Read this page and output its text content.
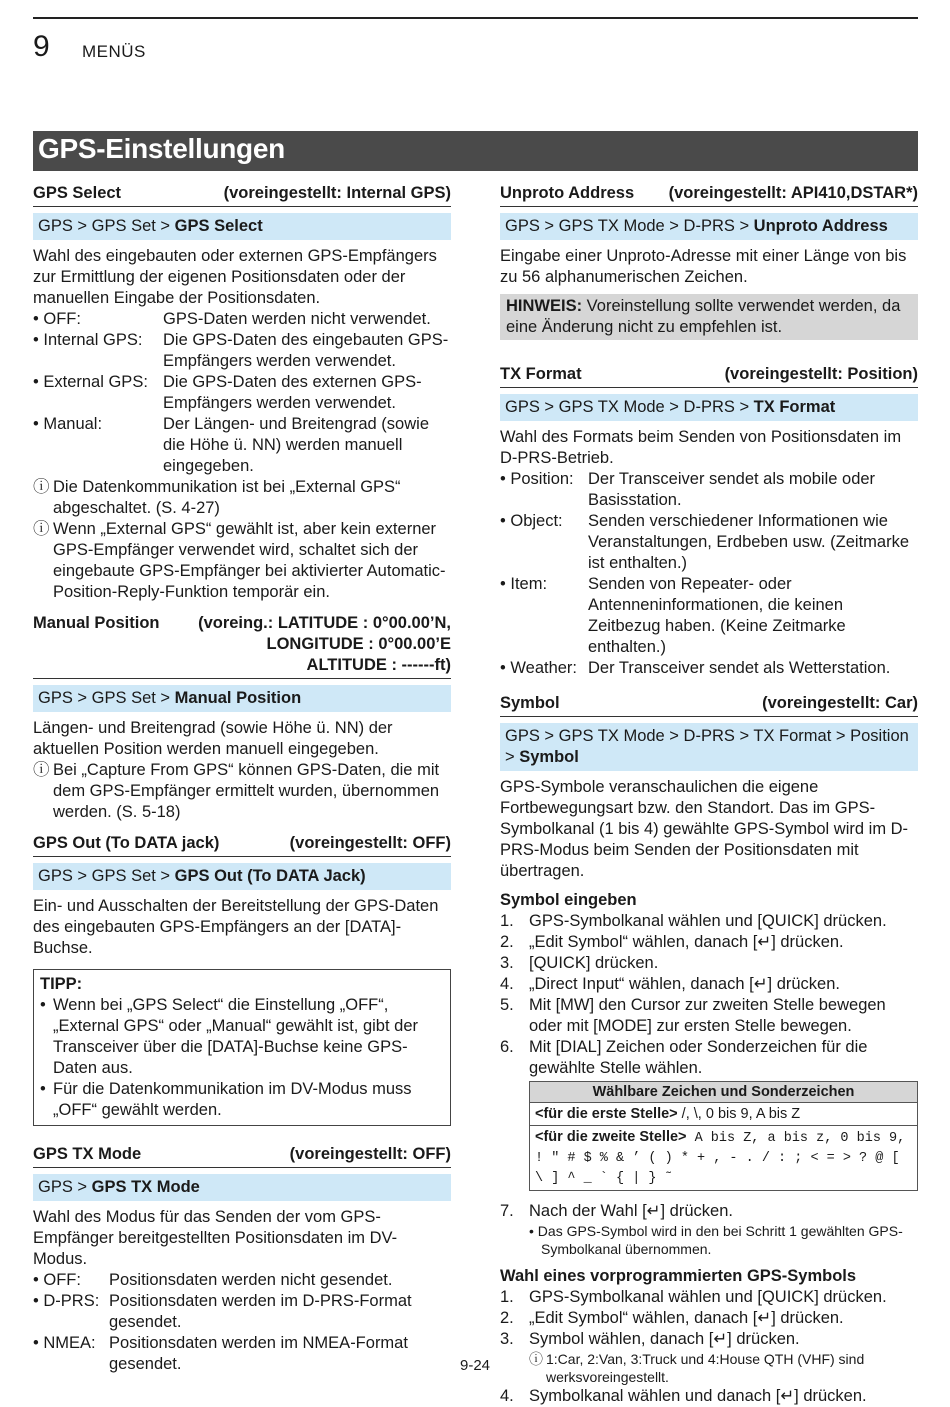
9 MENÜS
GPS-Einstellungen
GPS Select	(voreingestellt: Internal GPS)
GPS > GPS Set > GPS Select
Wahl des eingebauten oder externen GPS-Empfängers zur Ermittlung der eigenen Positionsdaten oder der manuellen Eingabe der Positionsdaten.
• OFF:	GPS-Daten werden nicht verwendet.
• Internal GPS:	Die GPS-Daten des eingebauten GPS-Empfängers werden verwendet.
• External GPS: Die GPS-Daten des externen GPS-Empfängers werden verwendet.
• Manual:	Der Längen- und Breitengrad (sowie die Höhe ü. NN) werden manuell eingegeben.
ⓘ Die Datenkommunikation ist bei „External GPS“ abgeschaltet. (S. 4-27)
ⓘ Wenn „External GPS“ gewählt ist, aber kein externer GPS-Empfänger verwendet wird, schaltet sich der eingebaute GPS-Empfänger bei aktivierter Automatic-Position-Reply-Funktion temporär ein.
Manual Position (voreing.: LATITUDE : 0°00.00’N,
LONGITUDE : 0°00.00’E
ALTITUDE : ------ft)
GPS > GPS Set > Manual Position
Längen- und Breitengrad (sowie Höhe ü. NN) der aktuellen Position werden manuell eingegeben.
ⓘ Bei „Capture From GPS“ können GPS-Daten, die mit dem GPS-Empfänger ermittelt wurden, übernommen werden. (S. 5-18)
GPS Out (To DATA jack)	(voreingestellt: OFF)
GPS > GPS Set > GPS Out (To DATA Jack)
Ein- und Ausschalten der Bereitstellung der GPS-Daten des eingebauten GPS-Empfängers an der [DATA]-Buchse.
TIPP:
• Wenn bei „GPS Select“ die Einstellung „OFF“, „External GPS“ oder „Manual“ gewählt ist, gibt der Transceiver über die [DATA]-Buchse keine GPS-Daten aus.
• Für die Datenkommunikation im DV-Modus muss „OFF“ gewählt werden.
GPS TX Mode	(voreingestellt: OFF)
GPS > GPS TX Mode
Wahl des Modus für das Senden der vom GPS-Empfänger bereitgestellten Positionsdaten im DV-Modus.
• OFF:	Positionsdaten werden nicht gesendet.
• D-PRS: Positionsdaten werden im D-PRS-Format gesendet.
• NMEA: Positionsdaten werden im NMEA-Format gesendet.
Unproto Address (voreingestellt: API410,DSTAR*)
GPS > GPS TX Mode > D-PRS > Unproto Address
Eingabe einer Unproto-Adresse mit einer Länge von bis zu 56 alphanumerischen Zeichen.
HINWEIS: Voreinstellung sollte verwendet werden, da eine Änderung nicht zu empfehlen ist.
TX Format	(voreingestellt: Position)
GPS > GPS TX Mode > D-PRS > TX Format
Wahl des Formats beim Senden von Positionsdaten im D-PRS-Betrieb.
• Position: Der Transceiver sendet als mobile oder Basisstation.
• Object:	Senden verschiedener Informationen wie Veranstaltungen, Erdbeben usw. (Zeitmarke ist enthalten.)
• Item:	Senden von Repeater- oder Antenneninformationen, die keinen Zeitbezug haben. (Keine Zeitmarke enthalten.)
• Weather: Der Transceiver sendet als Wetterstation.
Symbol	(voreingestellt: Car)
GPS > GPS TX Mode > D-PRS > TX Format > Position > Symbol
GPS-Symbole veranschaulichen die eigene Fortbewegungsart bzw. den Standort. Das im GPS-Symbolkanal (1 bis 4) gewählte GPS-Symbol wird im D-PRS-Modus beim Senden der Positionsdaten mit übertragen.
Symbol eingeben
1. GPS-Symbolkanal wählen und [QUICK] drücken.
2. „Edit Symbol“ wählen, danach [↵] drücken.
3. [QUICK] drücken.
4. „Direct Input“ wählen, danach [↵] drücken.
5. Mit [MW] den Cursor zur zweiten Stelle bewegen oder mit [MODE] zur ersten Stelle bewegen.
6. Mit [DIAL] Zeichen oder Sonderzeichen für die gewählte Stelle wählen.
Wählbare Zeichen und Sonderzeichen
<für die erste Stelle> /, \, 0 bis 9, A bis Z
<für die zweite Stelle> A bis Z, a bis z, 0 bis 9, ! " # $ % & ’ ( ) * + , - . / : ; < = > ? @ [ \ ] ^ _ ` { | } ˜
7. Nach der Wahl [↵] drücken.
• Das GPS-Symbol wird in den bei Schritt 1 gewählten GPS-Symbolkanal übernommen.
Wahl eines vorprogrammierten GPS-Symbols
1. GPS-Symbolkanal wählen und [QUICK] drücken.
2. „Edit Symbol“ wählen, danach [↵] drücken.
3. Symbol wählen, danach [↵] drücken.
ⓘ 1:Car, 2:Van, 3:Truck und 4:House QTH (VHF) sind werksvoreingestellt.
4. Symbolkanal wählen und danach [↵] drücken.
9-24
